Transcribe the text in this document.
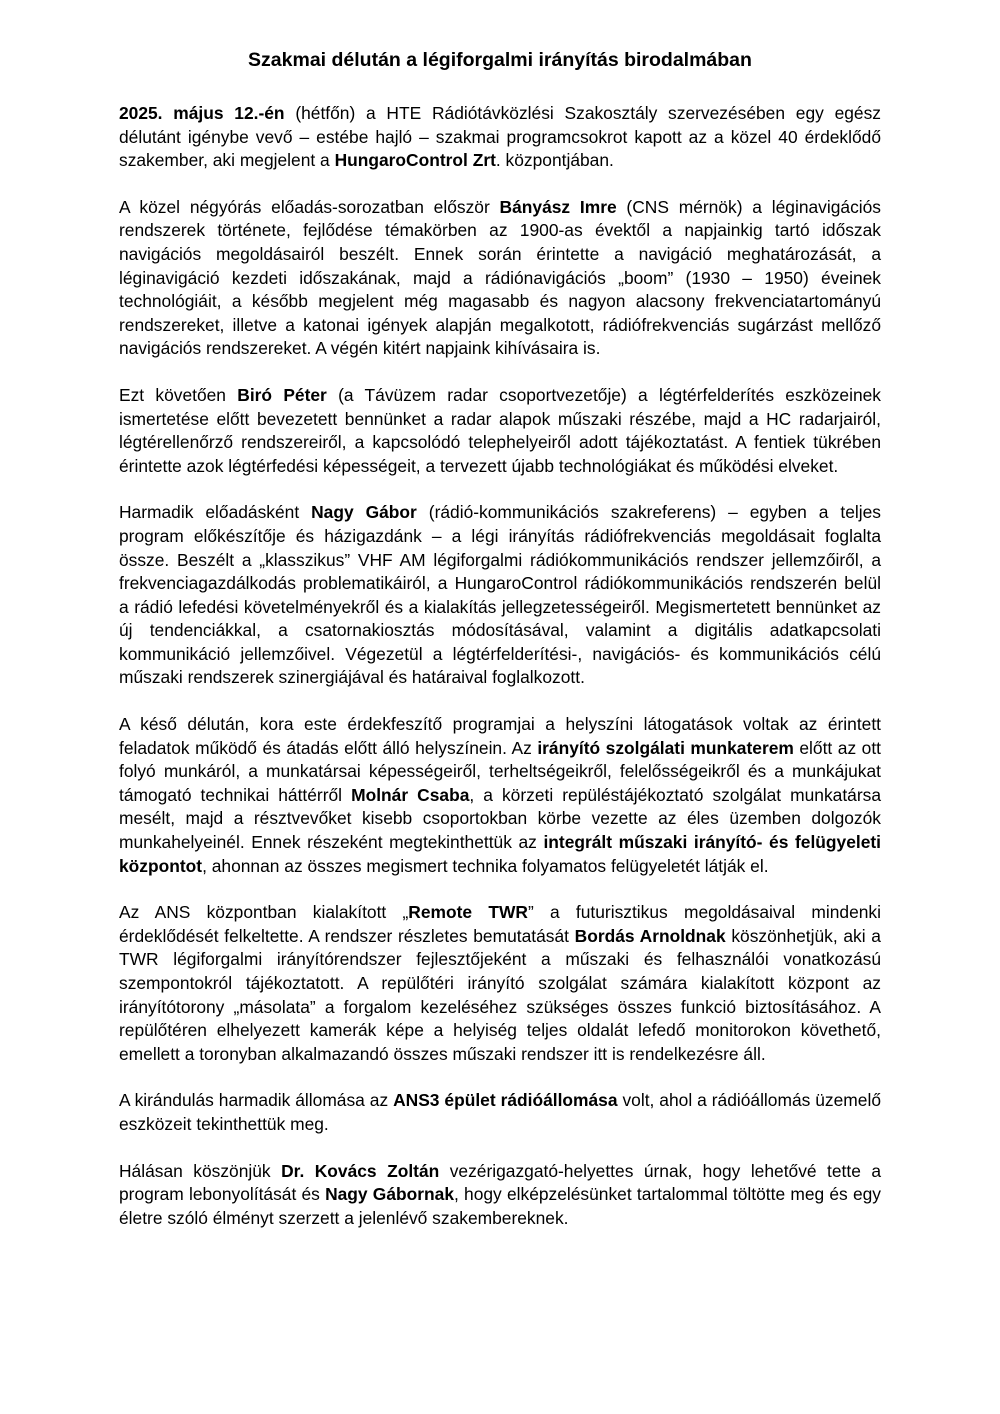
Szakmai délután a légiforgalmi irányítás birodalmában

2025. május 12.-én (hétfőn) a HTE Rádiótávközlési Szakosztály szervezésében egy egész délutánt igénybe vevő – estébe hajló – szakmai programcsokrot kapott az a közel 40 érdeklődő szakember, aki megjelent a HungaroControl Zrt. központjában.

A közel négyórás előadás-sorozatban először Bányász Imre (CNS mérnök) a léginavigációs rendszerek története, fejlődése témakörben az 1900-as évektől a napjainkig tartó időszak navigációs megoldásairól beszélt. Ennek során érintette a navigáció meghatározását, a léginavigáció kezdeti időszakának, majd a rádiónavigációs „boom” (1930 – 1950) éveinek technológiáit, a később megjelent még magasabb és nagyon alacsony frekvenciatartományú rendszereket, illetve a katonai igények alapján megalkotott, rádiófrekvenciás sugárzást mellőző navigációs rendszereket. A végén kitért napjaink kihívásaira is.

Ezt követően Biró Péter (a Távüzem radar csoportvezetője) a légtérfelderítés eszközeinek ismertetése előtt bevezetett bennünket a radar alapok műszaki részébe, majd a HC radarjairól, légtérellenőrző rendszereiről, a kapcsolódó telephelyeiről adott tájékoztatást. A fentiek tükrében érintette azok légtérfedési képességeit, a tervezett újabb technológiákat és működési elveket.

Harmadik előadásként Nagy Gábor (rádió-kommunikációs szakreferens) – egyben a teljes program előkészítője és házigazdánk – a légi irányítás rádiófrekvenciás megoldásait foglalta össze. Beszélt a „klasszikus” VHF AM légiforgalmi rádiókommunikációs rendszer jellemzőiről, a frekvenciagazdálkodás problematikáiról, a HungaroControl rádiókommunikációs rendszerén belül a rádió lefedési követelményekről és a kialakítás jellegzetességeiről. Megismertetett bennünket az új tendenciákkal, a csatornakiosztás módosításával, valamint a digitális adatkapcsolati kommunikáció jellemzőivel. Végezetül a légtérfelderítési-, navigációs- és kommunikációs célú műszaki rendszerek szinergiájával és határaival foglalkozott.

A késő délután, kora este érdekfeszítő programjai a helyszíni látogatások voltak az érintett feladatok működő és átadás előtt álló helyszínein. Az irányító szolgálati munkaterem előtt az ott folyó munkáról, a munkatársai képességeiről, terheltségeikről, felelősségeikről és a munkájukat támogató technikai háttérről Molnár Csaba, a körzeti repüléstájékoztató szolgálat munkatársa mesélt, majd a résztvevőket kisebb csoportokban körbe vezette az éles üzemben dolgozók munkahelyeinél. Ennek részeként megtekinthettük az integrált műszaki irányító- és felügyeleti központot, ahonnan az összes megismert technika folyamatos felügyeletét látják el.

Az ANS központban kialakított „Remote TWR” a futurisztikus megoldásaival mindenki érdeklődését felkeltette. A rendszer részletes bemutatását Bordás Arnoldnak köszönhetjük, aki a TWR légiforgalmi irányítórendszer fejlesztőjeként a műszaki és felhasználói vonatkozású szempontokról tájékoztatott. A repülőtéri irányító szolgálat számára kialakított központ az irányítótorony „másolata” a forgalom kezeléséhez szükséges összes funkció biztosításához. A repülőtéren elhelyezett kamerák képe a helyiség teljes oldalát lefedő monitorokon követhető, emellett a toronyban alkalmazandó összes műszaki rendszer itt is rendelkezésre áll.

A kirándulás harmadik állomása az ANS3 épület rádióállomása volt, ahol a rádióállomás üzemelő eszközeit tekinthettük meg.

Hálásan köszönjük Dr. Kovács Zoltán vezérigazgató-helyettes úrnak, hogy lehetővé tette a program lebonyolítását és Nagy Gábornak, hogy elképzelésünket tartalommal töltötte meg és egy életre szóló élményt szerzett a jelenlévő szakembereknek.
